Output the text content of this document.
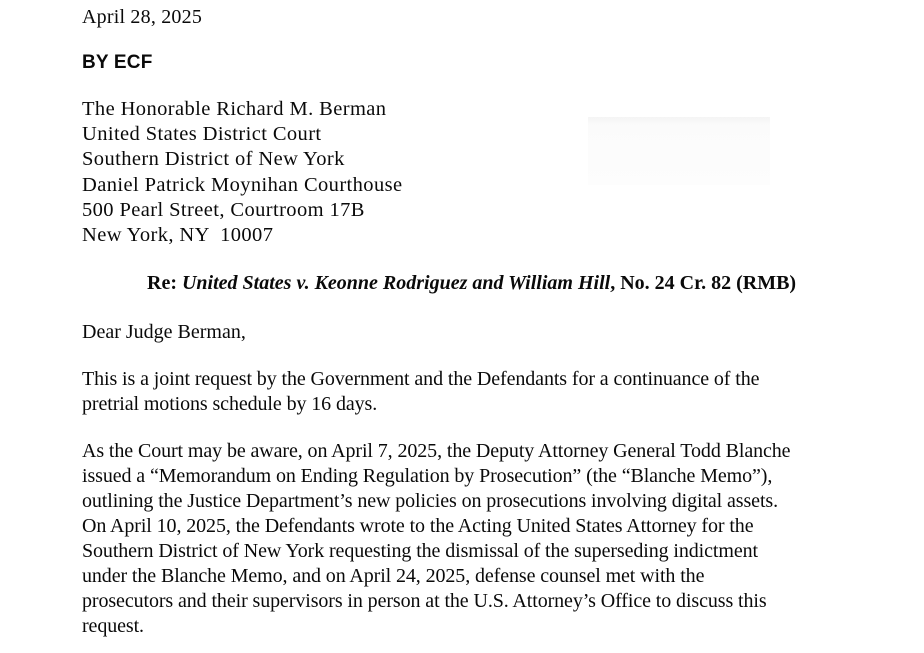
April 28, 2025
BY ECF
The Honorable Richard M. Berman
United States District Court
Southern District of New York
Daniel Patrick Moynihan Courthouse
500 Pearl Street, Courtroom 17B
New York, NY  10007
Re: United States v. Keonne Rodriguez and William Hill, No. 24 Cr. 82 (RMB)
Dear Judge Berman,
This is a joint request by the Government and the Defendants for a continuance of the
pretrial motions schedule by 16 days.
As the Court may be aware, on April 7, 2025, the Deputy Attorney General Todd Blanche
issued a “Memorandum on Ending Regulation by Prosecution” (the “Blanche Memo”),
outlining the Justice Department’s new policies on prosecutions involving digital assets.
On April 10, 2025, the Defendants wrote to the Acting United States Attorney for the
Southern District of New York requesting the dismissal of the superseding indictment
under the Blanche Memo, and on April 24, 2025, defense counsel met with the
prosecutors and their supervisors in person at the U.S. Attorney’s Office to discuss this
request.
